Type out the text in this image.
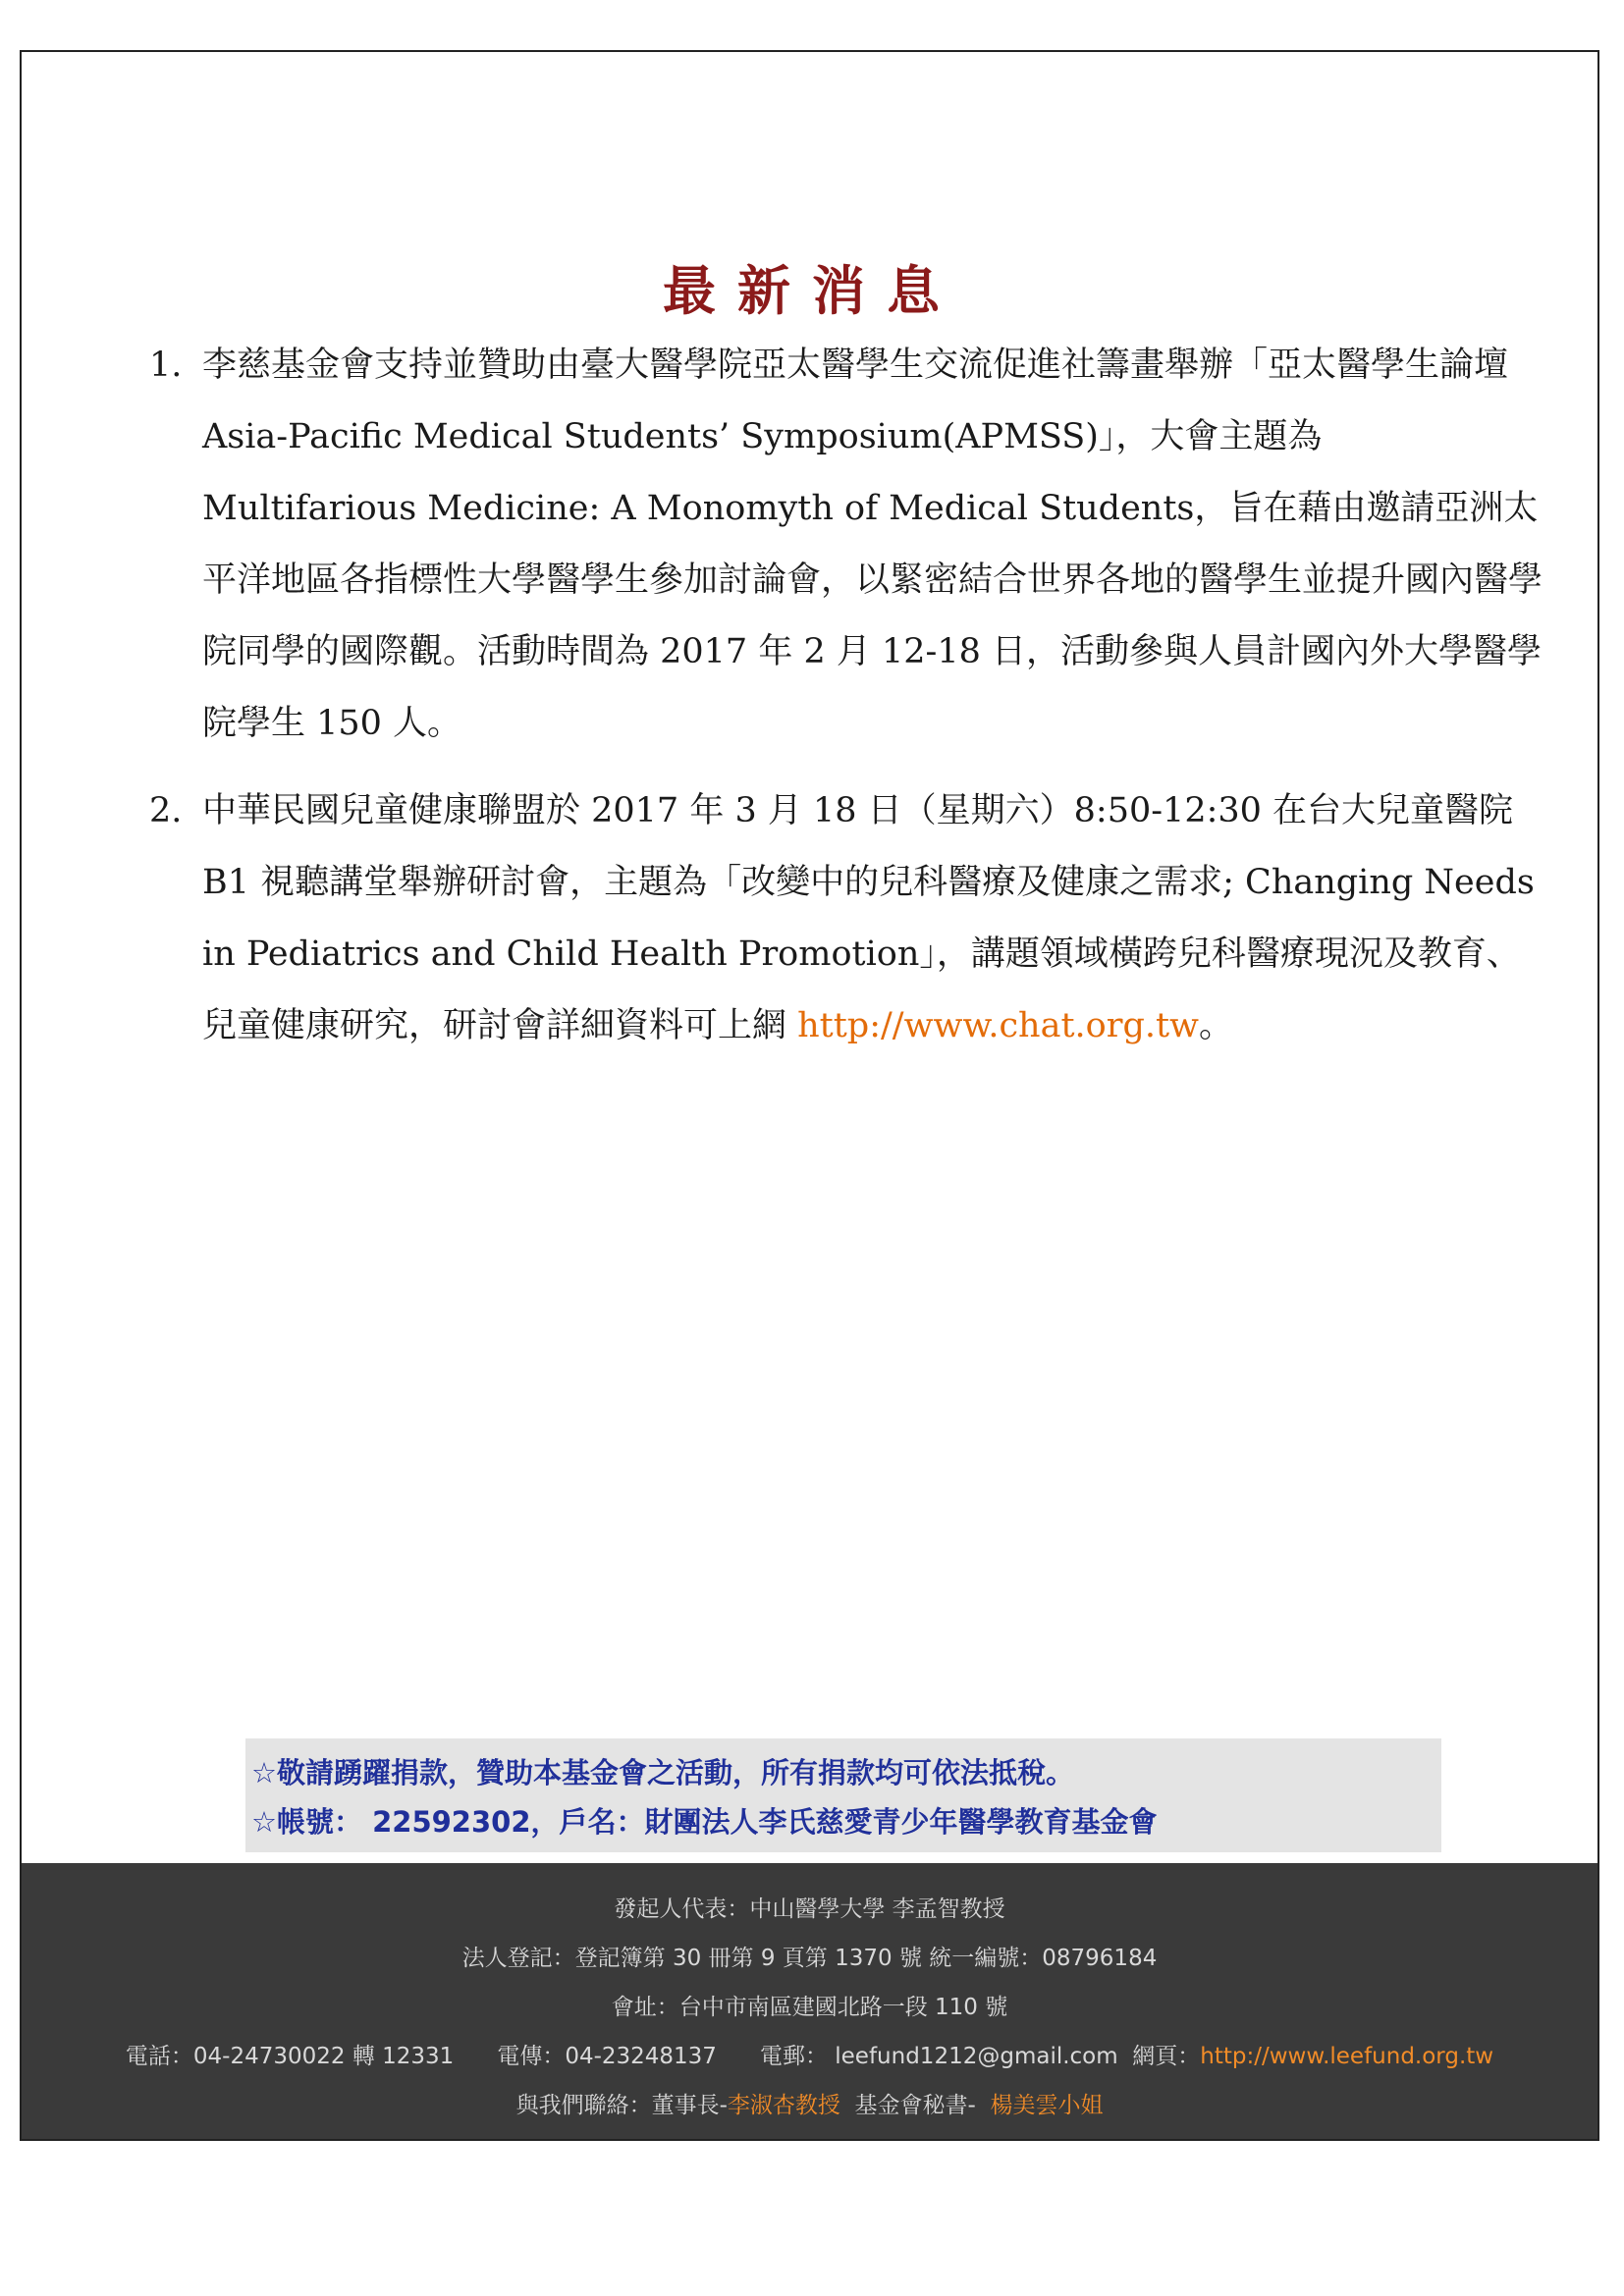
最新消息
1. 李慈基金會支持並贊助由臺大醫學院亞太醫學生交流促進社籌畫舉辦「亞太醫學生論壇 Asia-Pacific Medical Students’ Symposium(APMSS)」，大會主題為 Multifarious Medicine: A Monomyth of Medical Students，旨在藉由邀請亞洲太平洋地區各指標性大學醫學生參加討論會，以緊密結合世界各地的醫學生並提升國內醫學院同學的國際觀。活動時間為 2017 年 2 月 12-18 日，活動參與人員計國內外大學醫學院學生 150 人。

2. 中華民國兒童健康聯盟於 2017 年 3 月 18 日（星期六）8:50-12:30 在台大兒童醫院 B1 視聽講堂舉辦研討會，主題為「改變中的兒科醫療及健康之需求; Changing Needs in Pediatrics and Child Health Promotion」，講題領域橫跨兒科醫療現況及教育、兒童健康研究，研討會詳細資料可上網 http://www.chat.org.tw。

☆敬請踴躍捐款，贊助本基金會之活動，所有捐款均可依法抵稅。
☆帳號： 22592302，戶名：財團法人李氏慈愛青少年醫學教育基金會
發起人代表：中山醫學大學 李孟智教授
法人登記：登記簿第 30 冊第 9 頁第 1370 號 統一編號：08796184
會址：台中市南區建國北路一段 110 號
電話：04-24730022 轉 12331 電傳：04-23248137 電郵： leefund1212@gmail.com 網頁：http://www.leefund.org.tw
與我們聯絡：董事長-李淑杏教授 基金會秘書- 楊美雲小姐
